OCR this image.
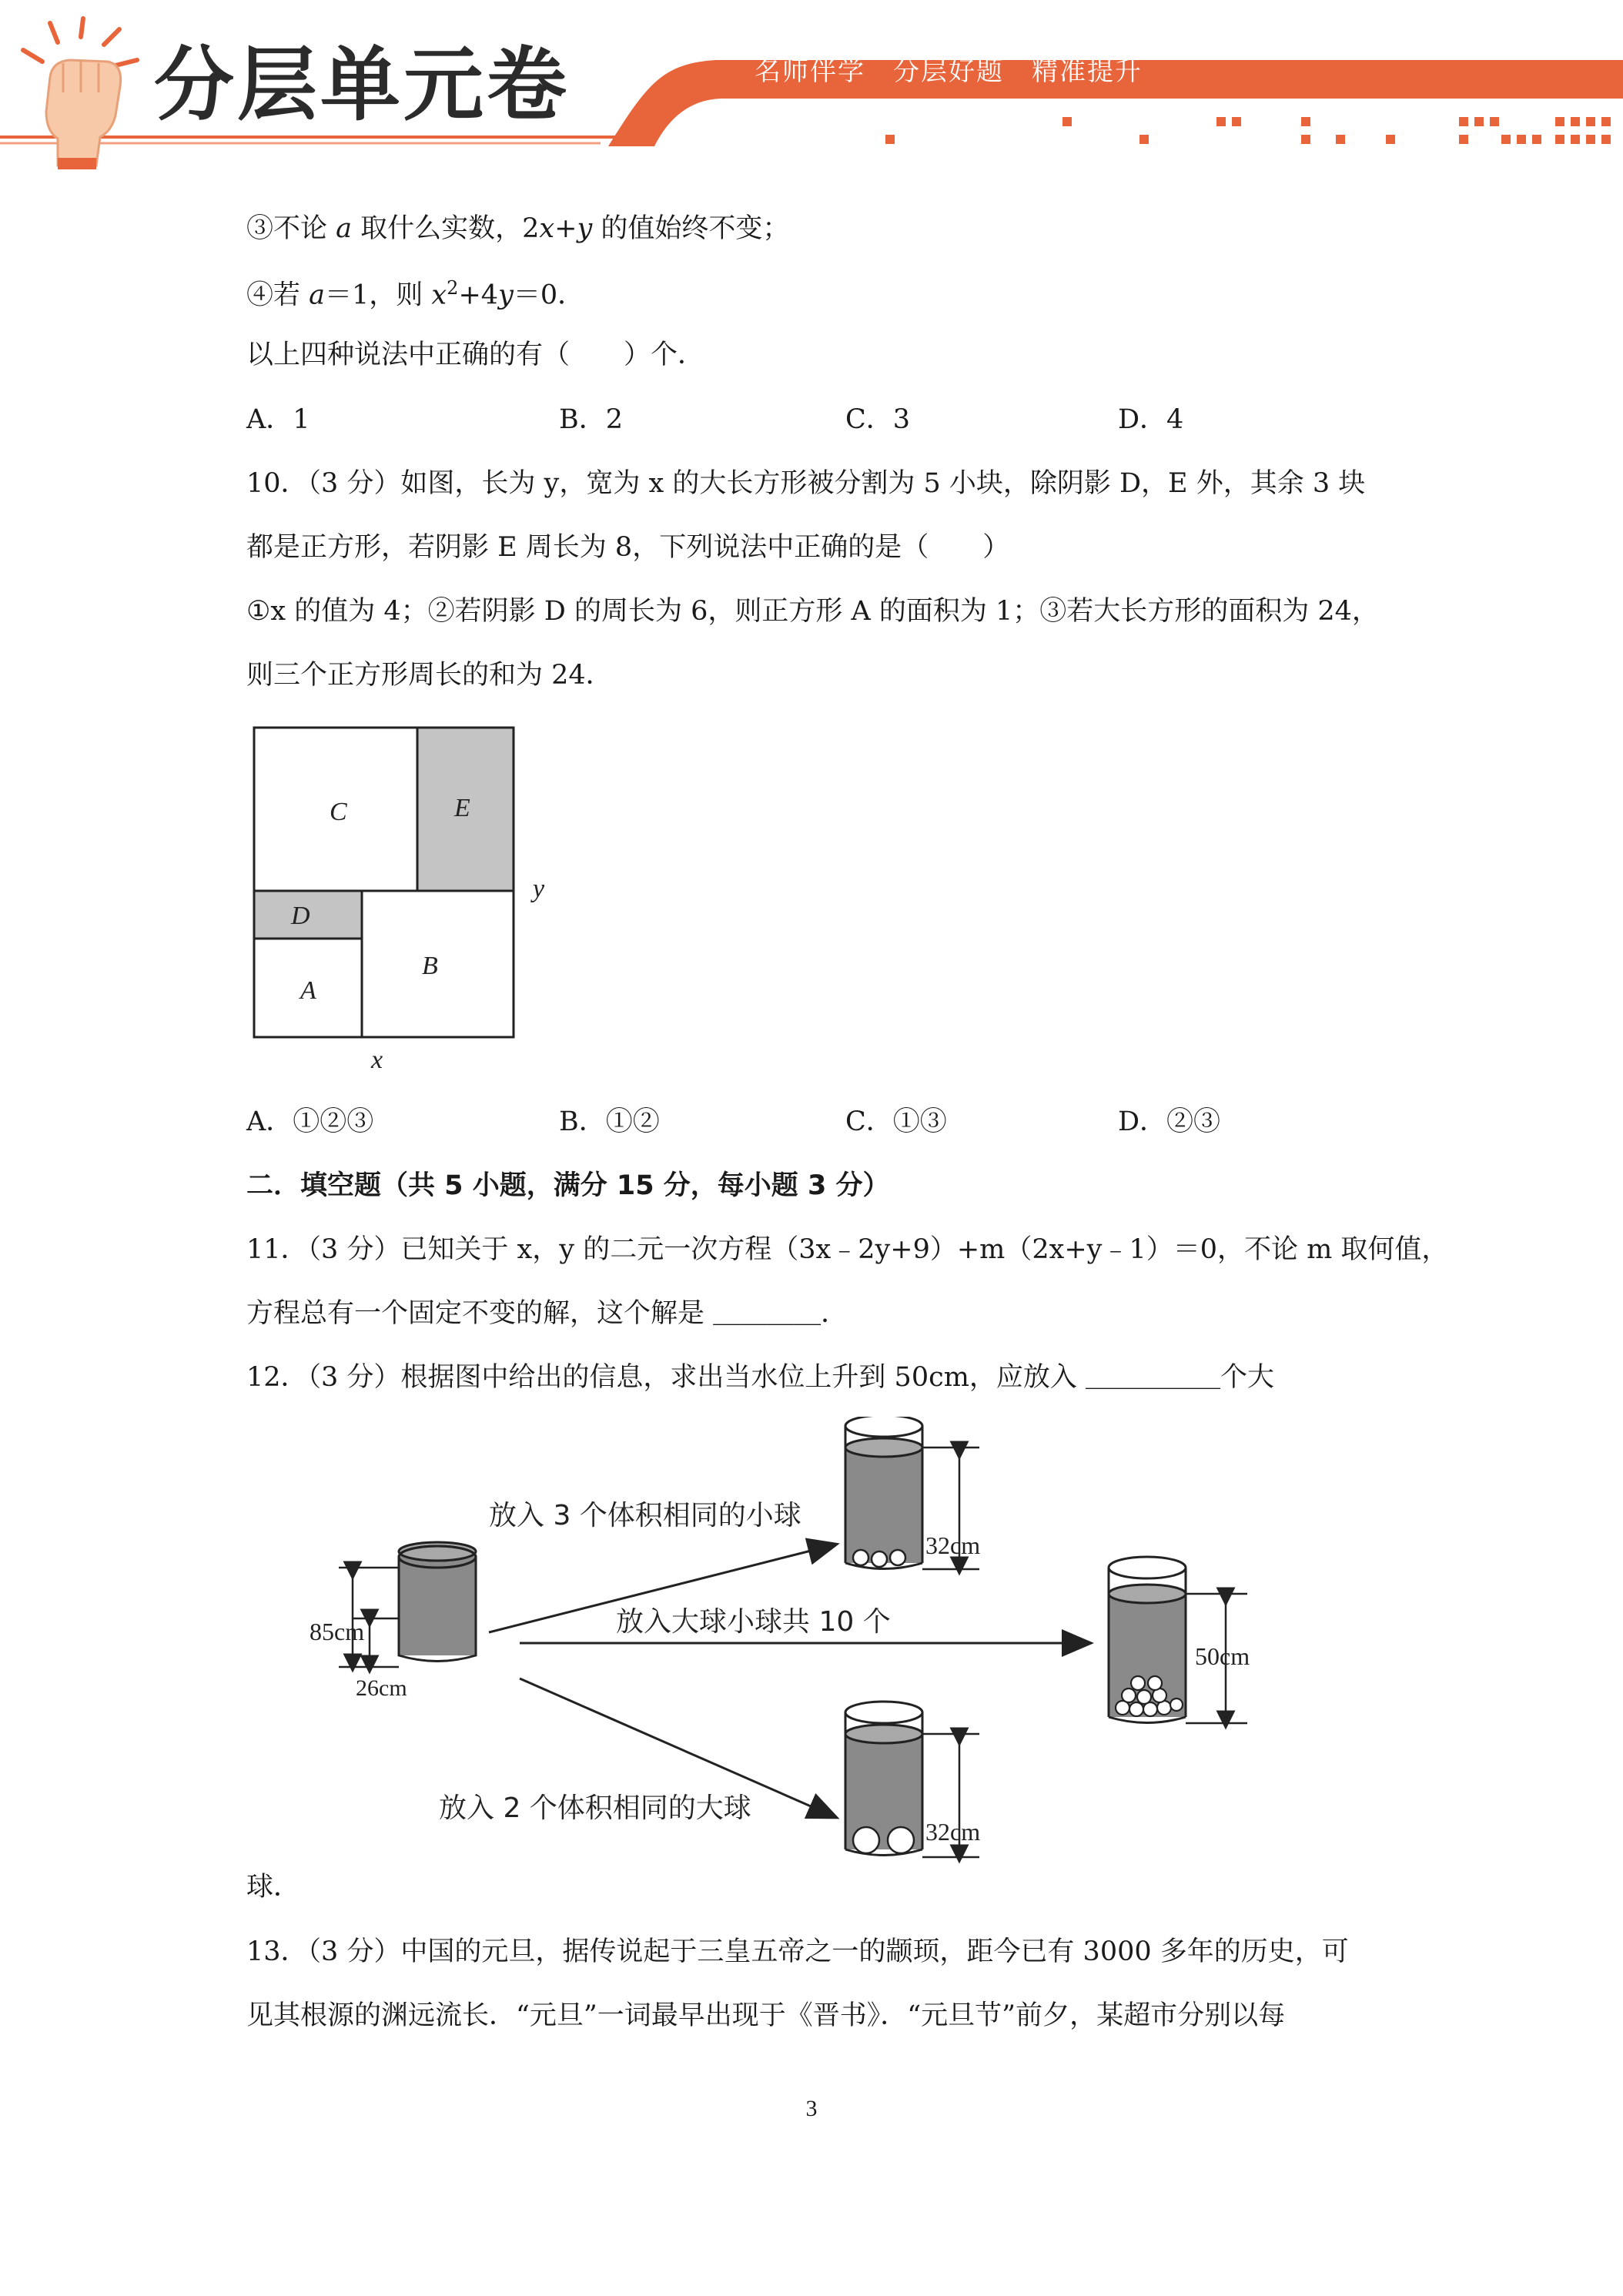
分层单元卷	名师伴学　分层好题　精准提升
③不论 a 取什么实数，2x+y 的值始终不变；
④若 a＝1，则 $x^2+4y=0$．
以上四种说法中正确的有（　　）个．
A．1	B．2	C．3	D．4
10．（3 分）如图，长为 y，宽为 x 的大长方形被分割为 5 小块，除阴影 D，E 外，其余 3 块
都是正方形，若阴影 E 周长为 8，下列说法中正确的是（　　）
①x 的值为 4；②若阴影 D 的周长为 6，则正方形 A 的面积为 1；③若大长方形的面积为 24，
则三个正方形周长的和为 24．
C	E
D
B
A
y
x
A．①②③	B．①②	C．①③	D．②③
二．填空题（共 5 小题，满分 15 分，每小题 3 分）
11．（3 分）已知关于 x，y 的二元一次方程（3x﹣2y+9）+m（2x+y﹣1）＝0，不论 m 取何值，
方程总有一个固定不变的解，这个解是 ＿＿＿＿．
12．（3 分）根据图中给出的信息，求出当水位上升到 50cm，应放入 ＿＿＿＿＿个大
放入 3 个体积相同的小球
放入大球小球共 10 个
放入 2 个体积相同的大球
85cm
26cm
32cm
32cm
50cm
球．
13．（3 分）中国的元旦，据传说起于三皇五帝之一的颛顼，距今已有 3000 多年的历史，可
见其根源的渊远流长．“元旦”一词最早出现于《晋书》．“元旦节”前夕，某超市分别以每
3
